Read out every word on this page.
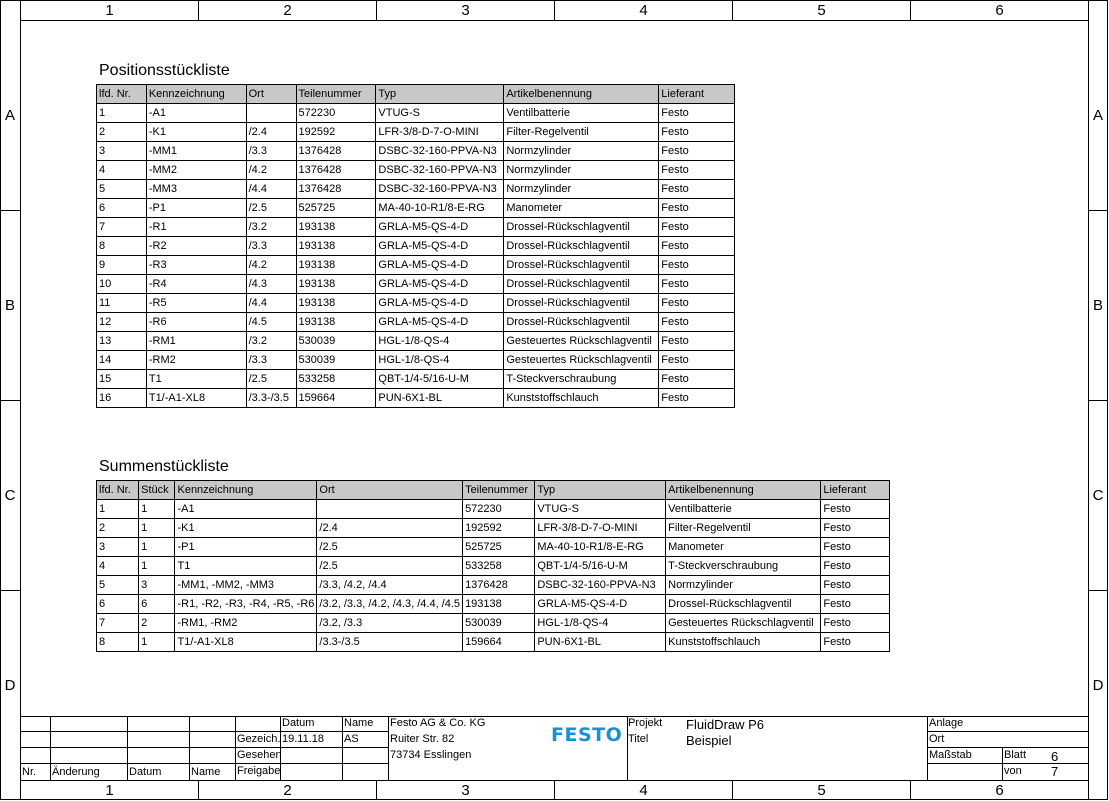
1	2	3	4	5	6
1	2	3	4	5	6
A
B
C
D
A
B
C
D
Positionsstückliste
lfd. Nr.	Kennzeichnung	Ort	Teilenummer	Typ	Artikelbenennung	Lieferant
1	-A1		572230	VTUG-S	Ventilbatterie	Festo
2	-K1	/2.4	192592	LFR-3/8-D-7-O-MINI	Filter-Regelventil	Festo
3	-MM1	/3.3	1376428	DSBC-32-160-PPVA-N3	Normzylinder	Festo
4	-MM2	/4.2	1376428	DSBC-32-160-PPVA-N3	Normzylinder	Festo
5	-MM3	/4.4	1376428	DSBC-32-160-PPVA-N3	Normzylinder	Festo
6	-P1	/2.5	525725	MA-40-10-R1/8-E-RG	Manometer	Festo
7	-R1	/3.2	193138	GRLA-M5-QS-4-D	Drossel-Rückschlagventil	Festo
8	-R2	/3.3	193138	GRLA-M5-QS-4-D	Drossel-Rückschlagventil	Festo
9	-R3	/4.2	193138	GRLA-M5-QS-4-D	Drossel-Rückschlagventil	Festo
10	-R4	/4.3	193138	GRLA-M5-QS-4-D	Drossel-Rückschlagventil	Festo
11	-R5	/4.4	193138	GRLA-M5-QS-4-D	Drossel-Rückschlagventil	Festo
12	-R6	/4.5	193138	GRLA-M5-QS-4-D	Drossel-Rückschlagventil	Festo
13	-RM1	/3.2	530039	HGL-1/8-QS-4	Gesteuertes Rückschlagventil	Festo
14	-RM2	/3.3	530039	HGL-1/8-QS-4	Gesteuertes Rückschlagventil	Festo
15	T1	/2.5	533258	QBT-1/4-5/16-U-M	T-Steckverschraubung	Festo
16	T1/-A1-XL8	/3.3-/3.5	159664	PUN-6X1-BL	Kunststoffschlauch	Festo
Summenstückliste
lfd. Nr.	Stück	Kennzeichnung	Ort	Teilenummer	Typ	Artikelbenennung	Lieferant
1	1	-A1		572230	VTUG-S	Ventilbatterie	Festo
2	1	-K1	/2.4	192592	LFR-3/8-D-7-O-MINI	Filter-Regelventil	Festo
3	1	-P1	/2.5	525725	MA-40-10-R1/8-E-RG	Manometer	Festo
4	1	T1	/2.5	533258	QBT-1/4-5/16-U-M	T-Steckverschraubung	Festo
5	3	-MM1, -MM2, -MM3	/3.3, /4.2, /4.4	1376428	DSBC-32-160-PPVA-N3	Normzylinder	Festo
6	6	-R1, -R2, -R3, -R4, -R5, -R6	/3.2, /3.3, /4.2, /4.3, /4.4, /4.5	193138	GRLA-M5-QS-4-D	Drossel-Rückschlagventil	Festo
7	2	-RM1, -RM2	/3.2, /3.3	530039	HGL-1/8-QS-4	Gesteuertes Rückschlagventil	Festo
8	1	T1/-A1-XL8	/3.3-/3.5	159664	PUN-6X1-BL	Kunststoffschlauch	Festo
Nr. Änderung	Datum	Name
Datum	Name
Gezeich. 19.11.18 AS
Gesehen
Freigabe
Festo AG & Co. KG
Ruiter Str. 82
73734 Esslingen
FESTO
Projekt FluidDraw P6
Titel	Beispiel
Anlage
Ort
Maßstab	Blatt 6
von 7
